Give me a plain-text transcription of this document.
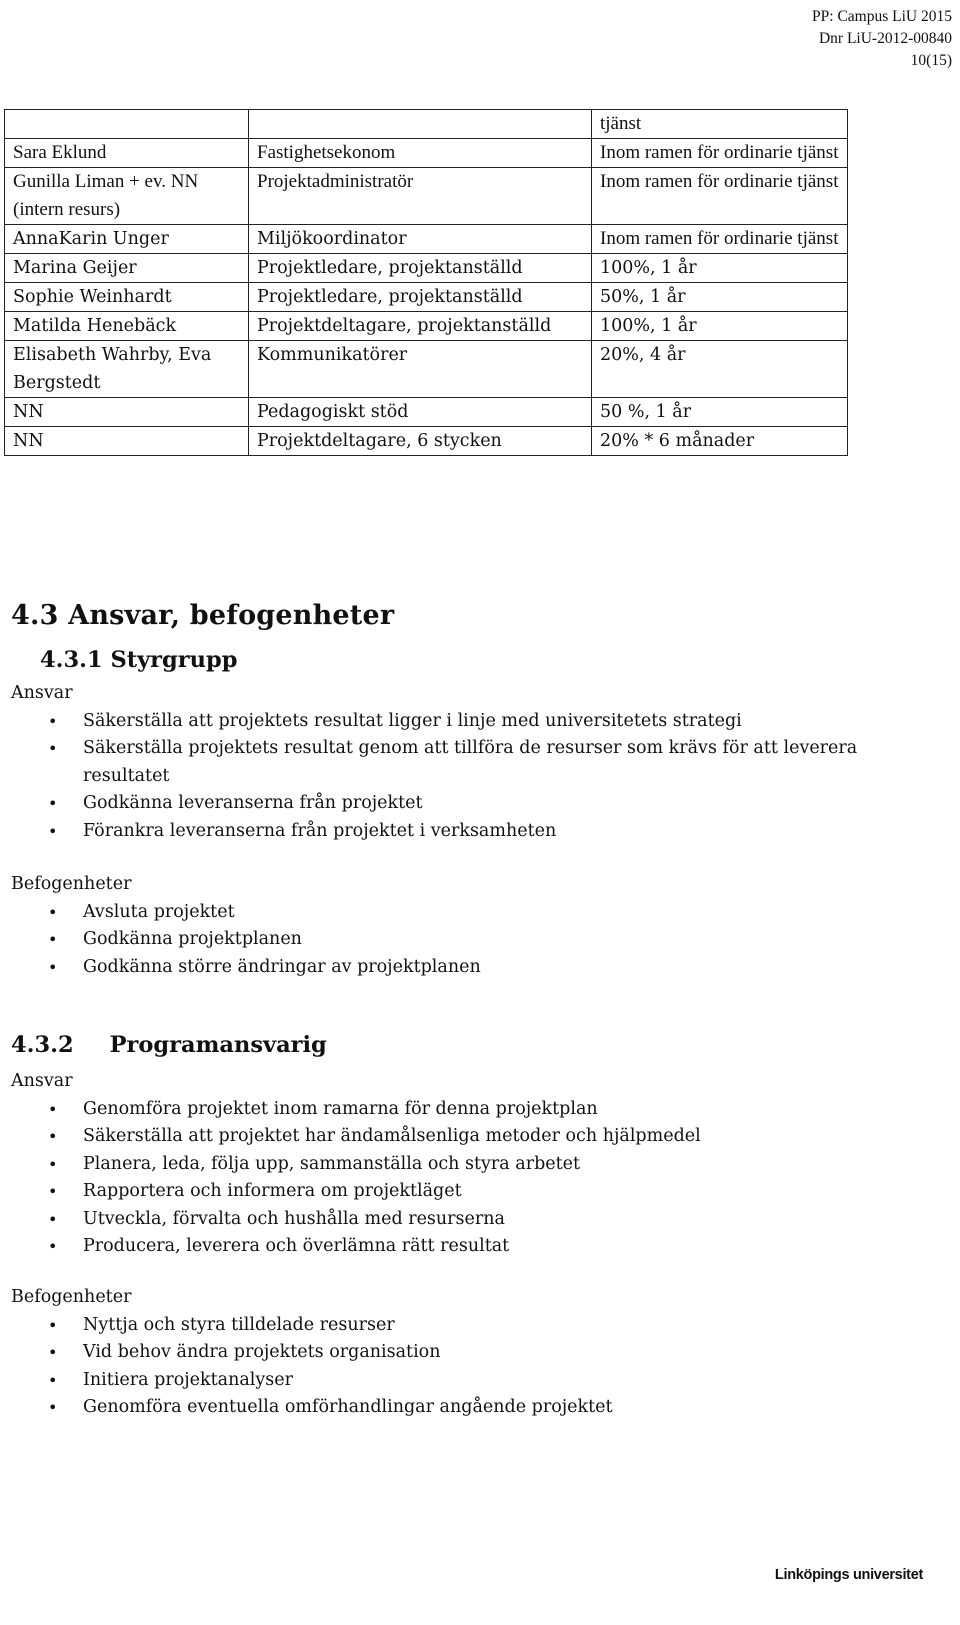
PP: Campus LiU 2015
Dnr LiU-2012-00840
10(15)
		tjänst
Sara Eklund	Fastighetsekonom	Inom ramen för ordinarie tjänst
Gunilla Liman + ev. NN (intern resurs)	Projektadministratör	Inom ramen för ordinarie tjänst
AnnaKarin Unger	Miljökoordinator	Inom ramen för ordinarie tjänst
Marina Geijer	Projektledare, projektanställd	100%, 1 år
Sophie Weinhardt	Projektledare, projektanställd	50%, 1 år
Matilda Henebäck	Projektdeltagare, projektanställd	100%, 1 år
Elisabeth Wahrby, Eva Bergstedt	Kommunikatörer	20%, 4 år
NN	Pedagogiskt stöd	50 %, 1 år
NN	Projektdeltagare, 6 stycken	20% * 6 månader
4.3 Ansvar, befogenheter
4.3.1 Styrgrupp
Ansvar
• Säkerställa att projektets resultat ligger i linje med universitetets strategi
• Säkerställa projektets resultat genom att tillföra de resurser som krävs för att leverera resultatet
• Godkänna leveranserna från projektet
• Förankra leveranserna från projektet i verksamheten
Befogenheter
• Avsluta projektet
• Godkänna projektplanen
• Godkänna större ändringar av projektplanen
4.3.2 Programansvarig
Ansvar
• Genomföra projektet inom ramarna för denna projektplan
• Säkerställa att projektet har ändamålsenliga metoder och hjälpmedel
• Planera, leda, följa upp, sammanställa och styra arbetet
• Rapportera och informera om projektläget
• Utveckla, förvalta och hushålla med resurserna
• Producera, leverera och överlämna rätt resultat
Befogenheter
• Nyttja och styra tilldelade resurser
• Vid behov ändra projektets organisation
• Initiera projektanalyser
• Genomföra eventuella omförhandlingar angående projektet
Linköpings universitet
